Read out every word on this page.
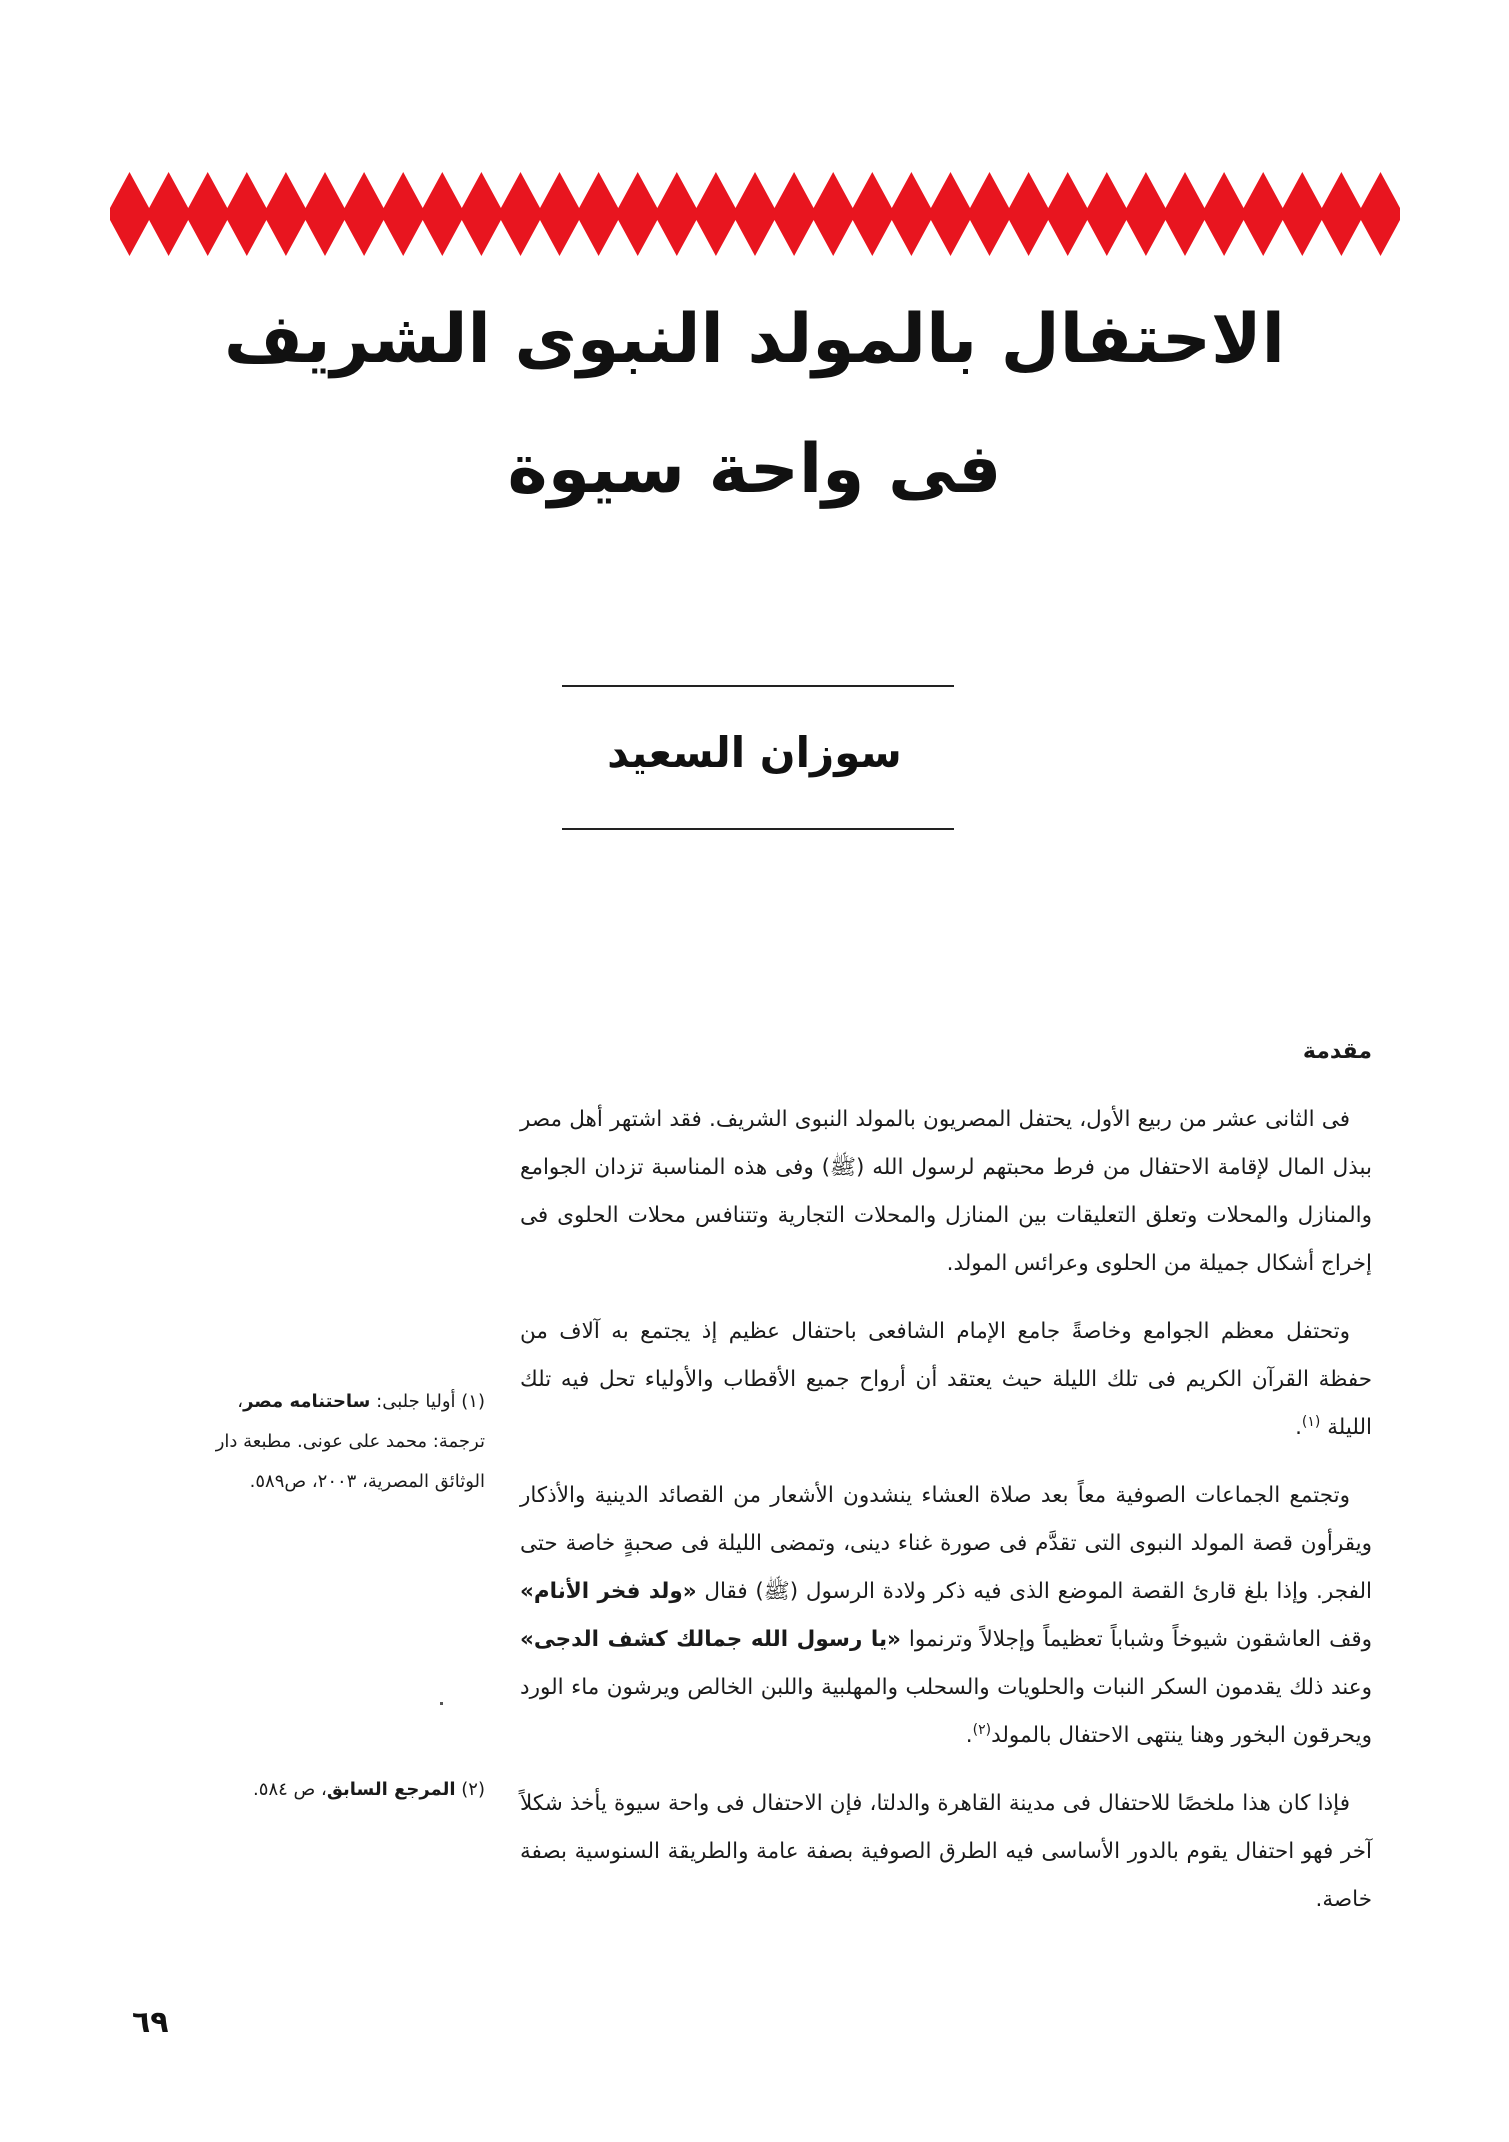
الاحتفال بالمولد النبوى الشريف
فى واحة سيوة
سوزان السعيد
مقدمة

فى الثانى عشر من ربيع الأول، يحتفل المصريون بالمولد النبوى الشريف. فقد اشتهر أهل مصر ببذل المال لإقامة الاحتفال من فرط محبتهم لرسول الله (ﷺ) وفى هذه المناسبة تزدان الجوامع والمنازل والمحلات وتعلق التعليقات بين المنازل والمحلات التجارية وتتنافس محلات الحلوى فى إخراج أشكال جميلة من الحلوى وعرائس المولد.

وتحتفل معظم الجوامع وخاصةً جامع الإمام الشافعى باحتفال عظيم إذ يجتمع به آلاف من حفظة القرآن الكريم فى تلك الليلة حيث يعتقد أن أرواح جميع الأقطاب والأولياء تحل فيه تلك الليلة $^{(١)}$.

وتجتمع الجماعات الصوفية معاً بعد صلاة العشاء ينشدون الأشعار من القصائد الدينية والأذكار ويقرأون قصة المولد النبوى التى تقدَّم فى صورة غناء دينى، وتمضى الليلة فى صحبةٍ خاصة حتى الفجر. وإذا بلغ قارئ القصة الموضع الذى فيه ذكر ولادة الرسول (ﷺ) فقال «ولد فخر الأنام» وقف العاشقون شيوخاً وشباباً تعظيماً وإجلالاً وترنموا «يا رسول الله جمالك كشف الدجى» وعند ذلك يقدمون السكر النبات والحلويات والسحلب والمهلبية واللبن الخالص ويرشون ماء الورد ويحرقون البخور وهنا ينتهى الاحتفال بالمولد$^{(٢)}$.

فإذا كان هذا ملخصًا للاحتفال فى مدينة القاهرة والدلتا، فإن الاحتفال فى واحة سيوة يأخذ شكلاً آخر فهو احتفال يقوم بالدور الأساسى فيه الطرق الصوفية بصفة عامة والطريقة السنوسية بصفة خاصة.

(١) أوليا جلبى: ساحتنامه مصر، ترجمة: محمد على عونى. مطبعة دار الوثائق المصرية، ٢٠٠٣، ص٥٨٩.
(٢) المرجع السابق، ص ٥٨٤.
٦٩
